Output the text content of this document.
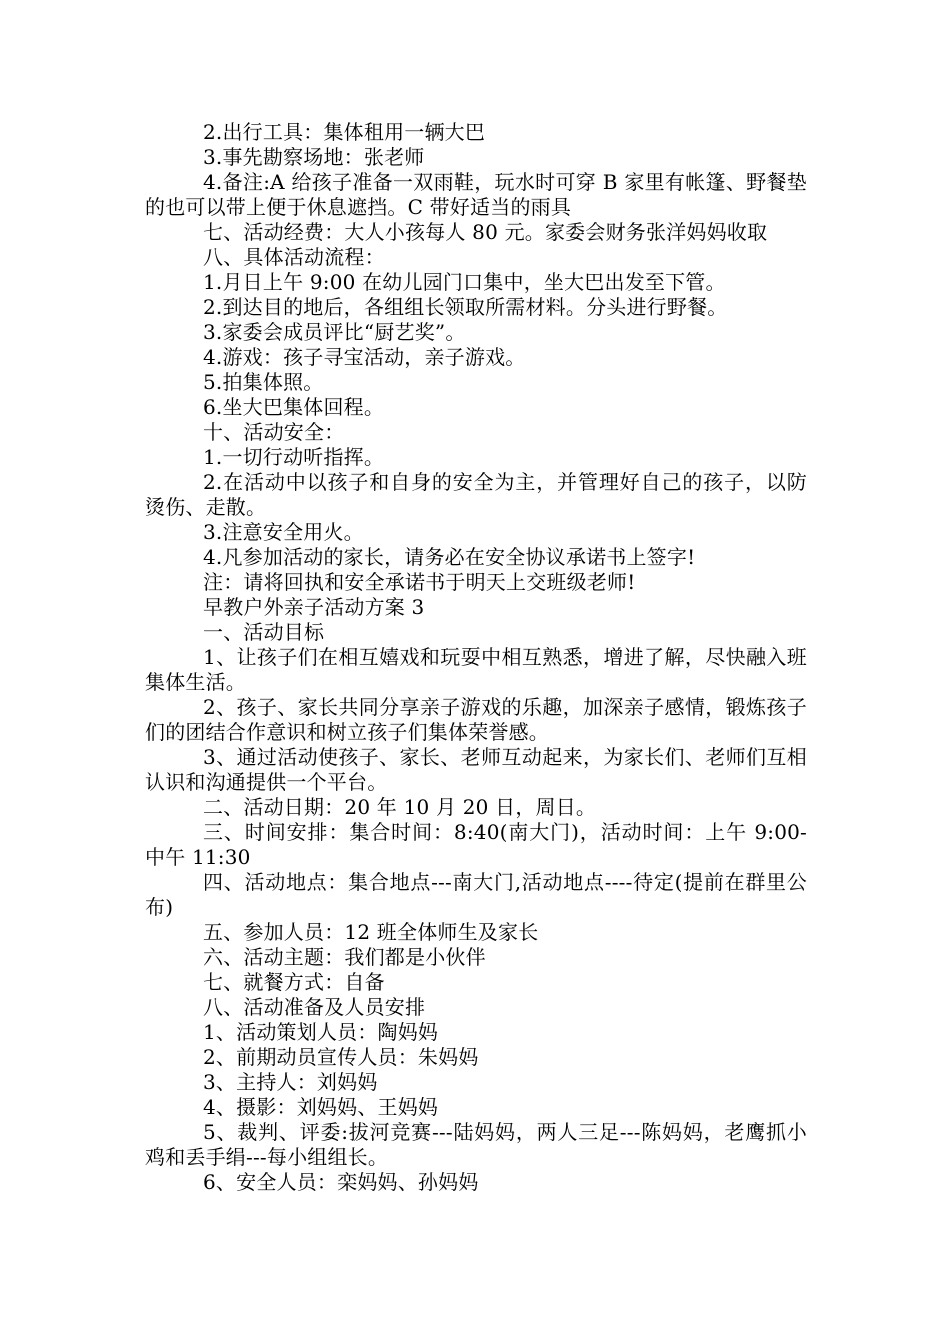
2.出行工具：集体租用一辆大巴

3.事先勘察场地：张老师

4.备注:A 给孩子准备一双雨鞋，玩水时可穿 B 家里有帐篷、野餐垫的也可以带上便于休息遮挡。C 带好适当的雨具

七、活动经费：大人小孩每人 80 元。家委会财务张洋妈妈收取

八、具体活动流程：

1.月日上午 9:00 在幼儿园门口集中，坐大巴出发至下管。

2.到达目的地后，各组组长领取所需材料。分头进行野餐。

3.家委会成员评比“厨艺奖”。

4.游戏：孩子寻宝活动，亲子游戏。

5.拍集体照。

6.坐大巴集体回程。

十、活动安全：

1.一切行动听指挥。

2.在活动中以孩子和自身的安全为主，并管理好自己的孩子，以防烫伤、走散。

3.注意安全用火。

4.凡参加活动的家长，请务必在安全协议承诺书上签字!

注：请将回执和安全承诺书于明天上交班级老师!

早教户外亲子活动方案 3

一、活动目标

1、让孩子们在相互嬉戏和玩耍中相互熟悉，增进了解，尽快融入班集体生活。

2、孩子、家长共同分享亲子游戏的乐趣，加深亲子感情，锻炼孩子们的团结合作意识和树立孩子们集体荣誉感。

3、通过活动使孩子、家长、老师互动起来，为家长们、老师们互相认识和沟通提供一个平台。

二、活动日期：20 年 10 月 20 日，周日。

三、时间安排：集合时间：8:40(南大门)，活动时间：上午 9:00-中午 11:30

四、活动地点：集合地点---南大门,活动地点----待定(提前在群里公布)

五、参加人员：12 班全体师生及家长

六、活动主题：我们都是小伙伴

七、就餐方式：自备

八、活动准备及人员安排

1、活动策划人员：陶妈妈

2、前期动员宣传人员：朱妈妈

3、主持人：刘妈妈

4、摄影：刘妈妈、王妈妈

5、裁判、评委:拔河竞赛---陆妈妈，两人三足---陈妈妈，老鹰抓小鸡和丢手绢---每小组组长。

6、安全人员：栾妈妈、孙妈妈
